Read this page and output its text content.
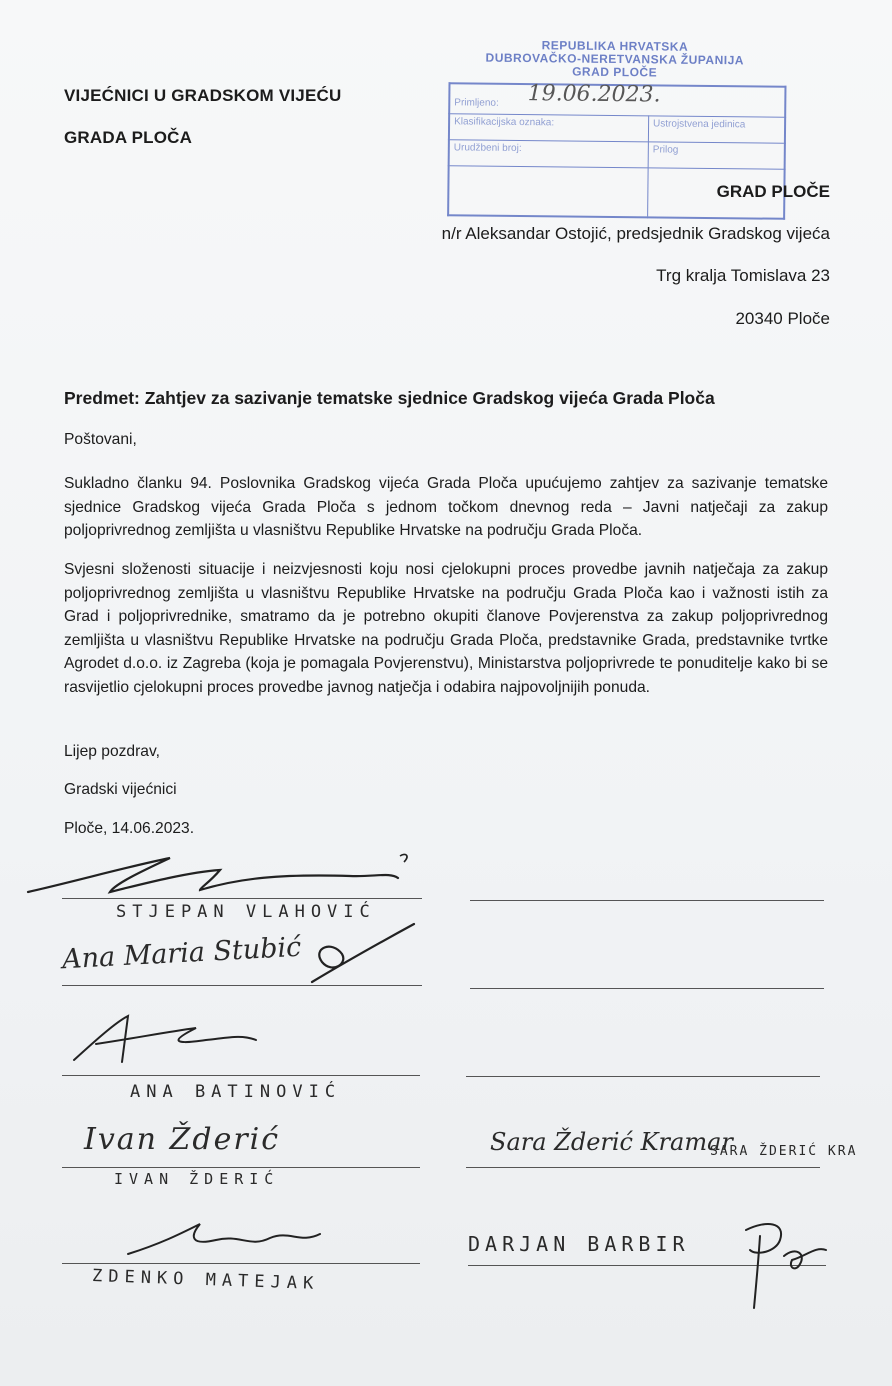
VIJEĆNICI U GRADSKOM VIJEĆU
GRADA PLOČA
REPUBLIKA HRVATSKA
DUBROVAČKO-NERETVANSKA ŽUPANIJA
GRAD PLOČE
Primljeno: 19.06.2023.	
Klasifikacijska oznaka:	Ustrojstvena jedinica
Urudžbeni broj:	Prilog

GRAD PLOČE
n/r Aleksandar Ostojić, predsjednik Gradskog vijeća
Trg kralja Tomislava 23
20340 Ploče
Predmet: Zahtjev za sazivanje tematske sjednice Gradskog vijeća Grada Ploča
Poštovani,
Sukladno članku 94. Poslovnika Gradskog vijeća Grada Ploča upućujemo zahtjev za sazivanje tematske sjednice Gradskog vijeća Grada Ploča s jednom točkom dnevnog reda – Javni natječaji za zakup poljoprivrednog zemljišta u vlasništvu Republike Hrvatske na području Grada Ploča.
Svjesni složenosti situacije i neizvjesnosti koju nosi cjelokupni proces provedbe javnih natječaja za zakup poljoprivrednog zemljišta u vlasništvu Republike Hrvatske na području Grada Ploča kao i važnosti istih za Grad i poljoprivrednike, smatramo da je potrebno okupiti članove Povjerenstva za zakup poljoprivrednog zemljišta u vlasništvu Republike Hrvatske na području Grada Ploča, predstavnike Grada, predstavnike tvrtke Agrodet d.o.o. iz Zagreba (koja je pomagala Povjerenstvu), Ministarstva poljoprivrede te ponuditelje kako bi se rasvijetlio cjelokupni proces provedbe javnog natječja i odabira najpovoljnijih ponuda.
Lijep pozdrav,
Gradski vijećnici
Ploče, 14.06.2023.
STJEPAN VLAHOVIĆ
Ana Maria Stubić
ANA BATINOVIĆ
Ivan Žderić
IVAN ŽDERIĆ
ZDENKO MATEJAK
Sara Žderić Kramar
SARA ŽDERIĆ KRA
DARJAN BARBIR
